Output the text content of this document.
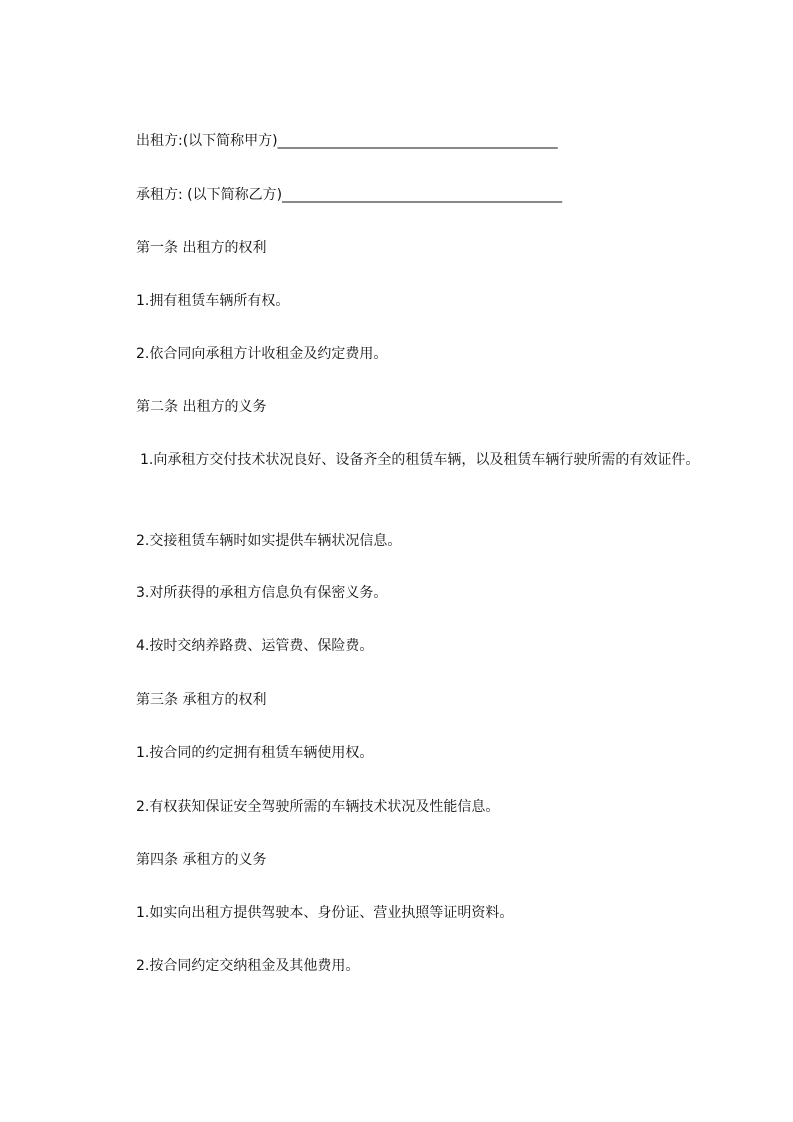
出租方:(以下简称甲方)________________________________________
承租方: (以下简称乙方)________________________________________
第一条 出租方的权利
1.拥有租赁车辆所有权。
2.依合同向承租方计收租金及约定费用。
第二条 出租方的义务
1.向承租方交付技术状况良好、设备齐全的租赁车辆，以及租赁车辆行驶所需的有效证件。
2.交接租赁车辆时如实提供车辆状况信息。
3.对所获得的承租方信息负有保密义务。
4.按时交纳养路费、运管费、保险费。
第三条 承租方的权利
1.按合同的约定拥有租赁车辆使用权。
2.有权获知保证安全驾驶所需的车辆技术状况及性能信息。
第四条 承租方的义务
1.如实向出租方提供驾驶本、身份证、营业执照等证明资料。
2.按合同约定交纳租金及其他费用。
